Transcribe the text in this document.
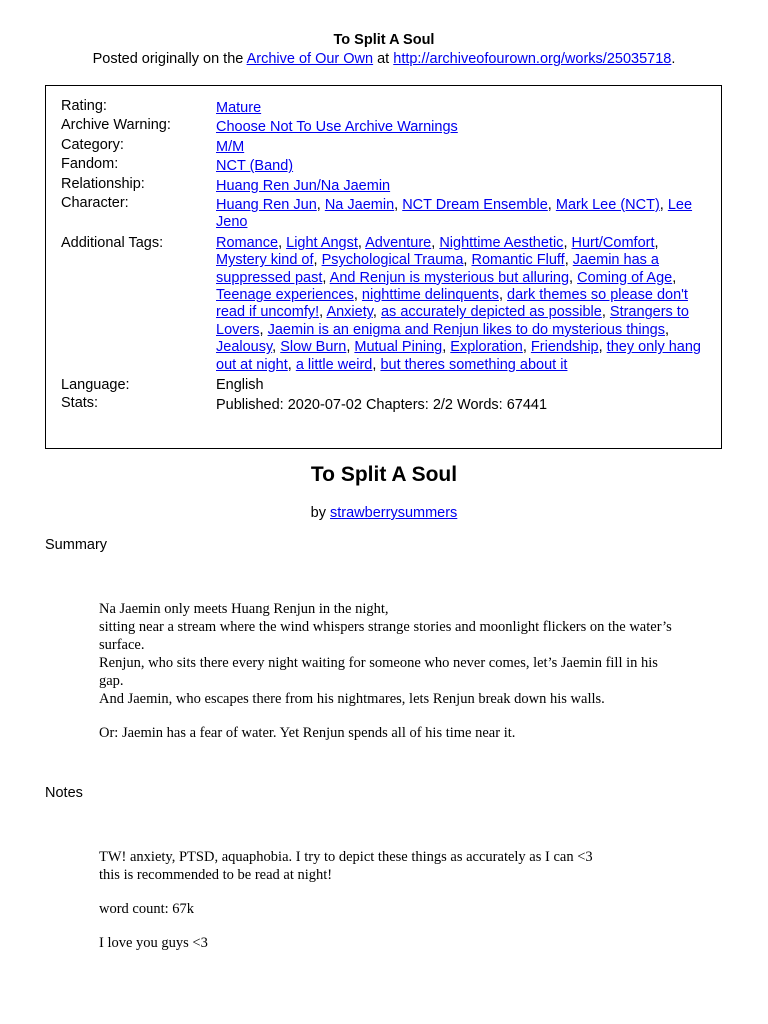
To Split A Soul
Posted originally on the Archive of Our Own at http://archiveofourown.org/works/25035718.
Rating:	Mature
Archive Warning:	Choose Not To Use Archive Warnings
Category:	M/M
Fandom:	NCT (Band)
Relationship:	Huang Ren Jun/Na Jaemin
Character:	Huang Ren Jun, Na Jaemin, NCT Dream Ensemble, Mark Lee (NCT), Lee Jeno
Additional Tags:	Romance, Light Angst, Adventure, Nighttime Aesthetic, Hurt/Comfort, Mystery kind of, Psychological Trauma, Romantic Fluff, Jaemin has a suppressed past, And Renjun is mysterious but alluring, Coming of Age, Teenage experiences, nighttime delinquents, dark themes so please don't read if uncomfy!, Anxiety, as accurately depicted as possible, Strangers to Lovers, Jaemin is an enigma and Renjun likes to do mysterious things, Jealousy, Slow Burn, Mutual Pining, Exploration, Friendship, they only hang out at night, a little weird, but theres something about it
Language:	English
Stats:	Published: 2020-07-02 Chapters: 2/2 Words: 67441
To Split A Soul
by strawberrysummers
Summary

Na Jaemin only meets Huang Renjun in the night,
sitting near a stream where the wind whispers strange stories and moonlight flickers on the water’s surface.
Renjun, who sits there every night waiting for someone who never comes, let’s Jaemin fill in his gap.
And Jaemin, who escapes there from his nightmares, lets Renjun break down his walls.

Or: Jaemin has a fear of water. Yet Renjun spends all of his time near it.

Notes

TW! anxiety, PTSD, aquaphobia. I try to depict these things as accurately as I can <3
this is recommended to be read at night!

word count: 67k

I love you guys <3
